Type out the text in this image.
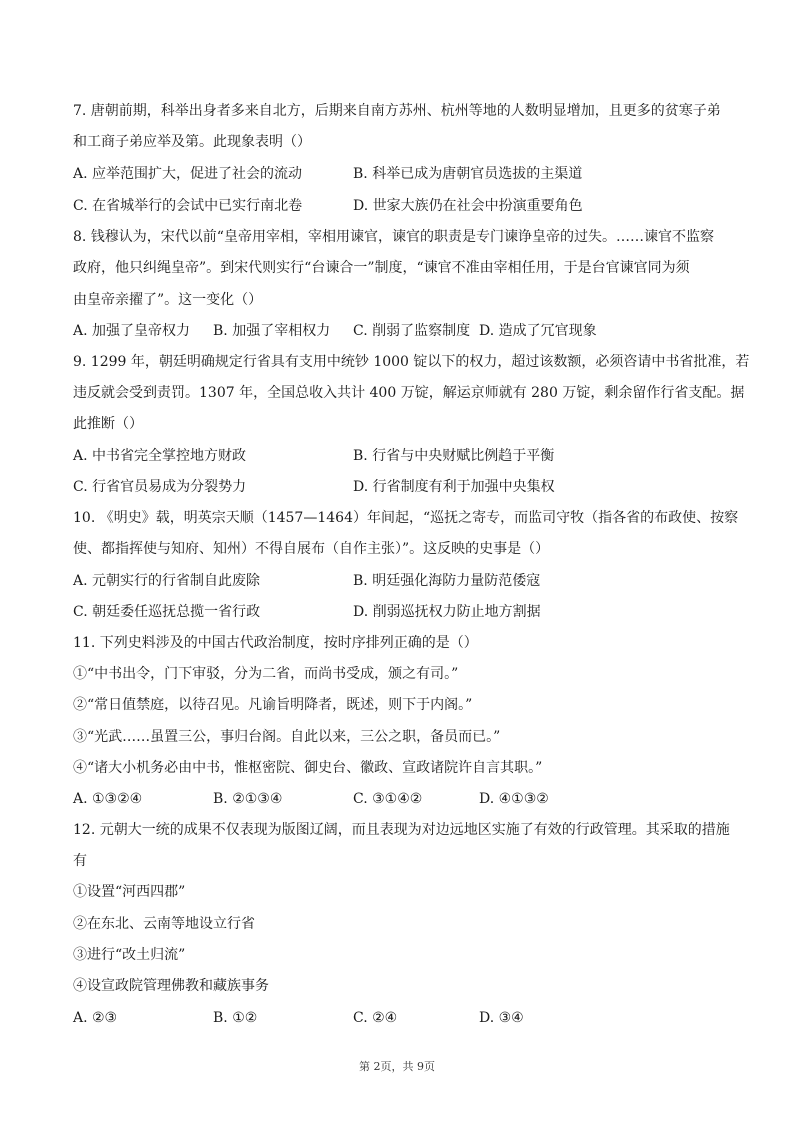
7. 唐朝前期，科举出身者多来自北方，后期来自南方苏州、杭州等地的人数明显增加，且更多的贫寒子弟
和工商子弟应举及第。此现象表明（）
A. 应举范围扩大，促进了社会的流动	B. 科举已成为唐朝官员选拔的主渠道
C. 在省城举行的会试中已实行南北卷	D. 世家大族仍在社会中扮演重要角色
8. 钱穆认为，宋代以前“皇帝用宰相，宰相用谏官，谏官的职责是专门谏诤皇帝的过失。……谏官不监察
政府，他只纠绳皇帝”。到宋代则实行“台谏合一”制度，“谏官不准由宰相任用，于是台官谏官同为须
由皇帝亲擢了”。这一变化（）
A. 加强了皇帝权力 B. 加强了宰相权力 C. 削弱了监察制度 D. 造成了冗官现象
9. 1299 年，朝廷明确规定行省具有支用中统钞 1000 锭以下的权力，超过该数额，必须咨请中书省批准，若
违反就会受到责罚。1307 年，全国总收入共计 400 万锭，解运京师就有 280 万锭，剩余留作行省支配。据
此推断（）
A. 中书省完全掌控地方财政	B. 行省与中央财赋比例趋于平衡
C. 行省官员易成为分裂势力	D. 行省制度有利于加强中央集权
10. 《明史》载，明英宗天顺（1457—1464）年间起，“巡抚之寄专，而监司守牧（指各省的布政使、按察
使、都指挥使与知府、知州）不得自展布（自作主张）”。这反映的史事是（）
A. 元朝实行的行省制自此废除	B. 明廷强化海防力量防范倭寇
C. 朝廷委任巡抚总揽一省行政	D. 削弱巡抚权力防止地方割据
11. 下列史料涉及的中国古代政治制度，按时序排列正确的是（）
①“中书出令，门下审驳，分为二省，而尚书受成，颁之有司。”
②“常日值禁庭，以待召见。凡谕旨明降者，既述，则下于内阁。”
③“光武……虽置三公，事归台阁。自此以来，三公之职，备员而已。”
④“诸大小机务必由中书，惟枢密院、御史台、徽政、宣政诸院许自言其职。”
A. ①③②④	B. ②①③④	C. ③①④②	D. ④①③②
12. 元朝大一统的成果不仅表现为版图辽阔，而且表现为对边远地区实施了有效的行政管理。其采取的措施
有
①设置“河西四郡”
②在东北、云南等地设立行省
③进行“改土归流”
④设宣政院管理佛教和藏族事务
A. ②③	B. ①②	C. ②④	D. ③④
第 2页，共 9页
